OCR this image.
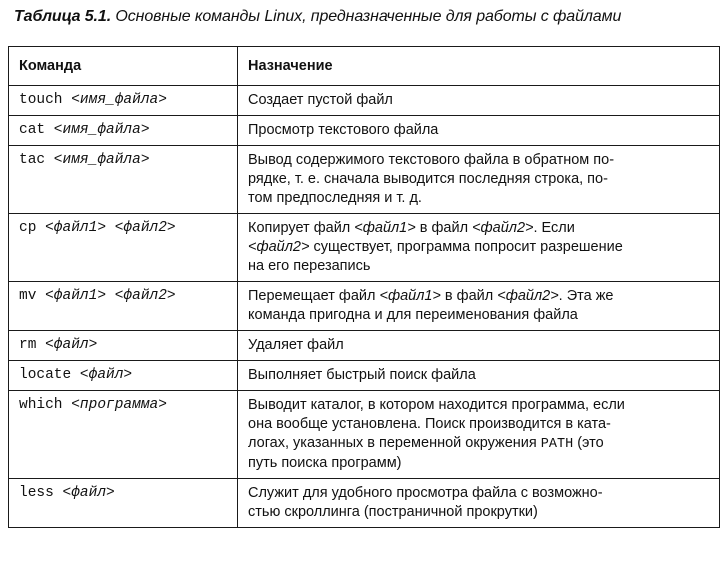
Таблица 5.1. Основные команды Linux, предназначенные для работы с файлами
Команда	Назначение
touch <имя_файла>	Создает пустой файл
cat <имя_файла>	Просмотр текстового файла
tac <имя_файла>	Вывод содержимого текстового файла в обратном по-
рядке, т. е. сначала выводится последняя строка, по-
том предпоследняя и т. д.
cp <файл1> <файл2>	Копирует файл <файл1> в файл <файл2>. Если
<файл2> существует, программа попросит разрешение
на его перезапись
mv <файл1> <файл2>	Перемещает файл <файл1> в файл <файл2>. Эта же
команда пригодна и для переименования файла
rm <файл>	Удаляет файл
locate <файл>	Выполняет быстрый поиск файла
which <программа>	Выводит каталог, в котором находится программа, если
она вообще установлена. Поиск производится в ката-
логах, указанных в переменной окружения PATH (это
путь поиска программ)
less <файл>	Служит для удобного просмотра файла с возможно-
стью скроллинга (постраничной прокрутки)
